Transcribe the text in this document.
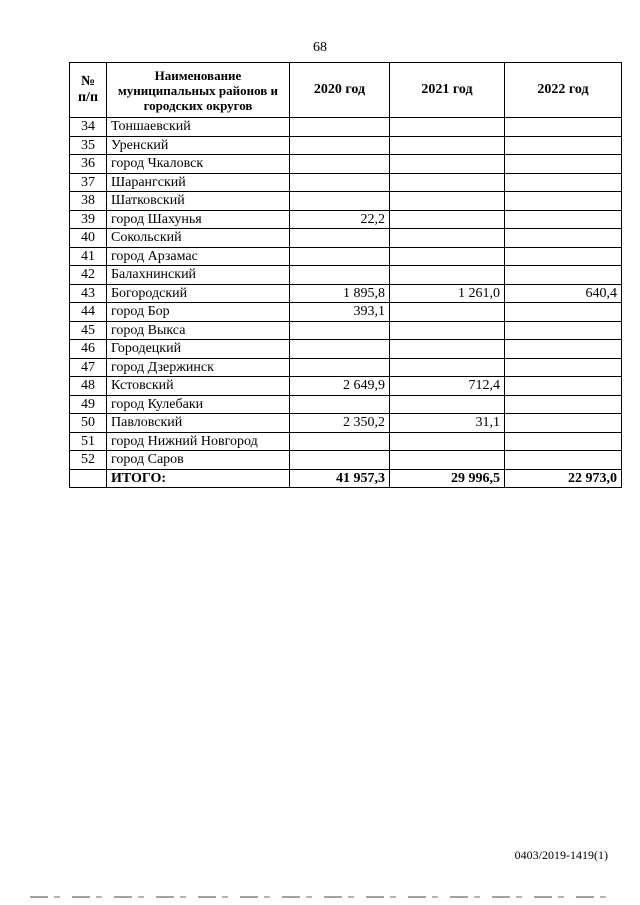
68
№ п/п	Наименование муниципальных районов и городских округов	2020 год	2021 год	2022 год
34	Тоншаевский			
35	Уренский			
36	город Чкаловск			
37	Шарангский			
38	Шатковский			
39	город Шахунья	22,2		
40	Сокольский			
41	город Арзамас			
42	Балахнинский			
43	Богородский	1 895,8	1 261,0	640,4
44	город Бор	393,1		
45	город Выкса			
46	Городецкий			
47	город Дзержинск			
48	Кстовский	2 649,9	712,4	
49	город Кулебаки			
50	Павловский	2 350,2	31,1	
51	город Нижний Новгород			
52	город Саров			
	ИТОГО:	41 957,3	29 996,5	22 973,0
0403/2019-1419(1)
